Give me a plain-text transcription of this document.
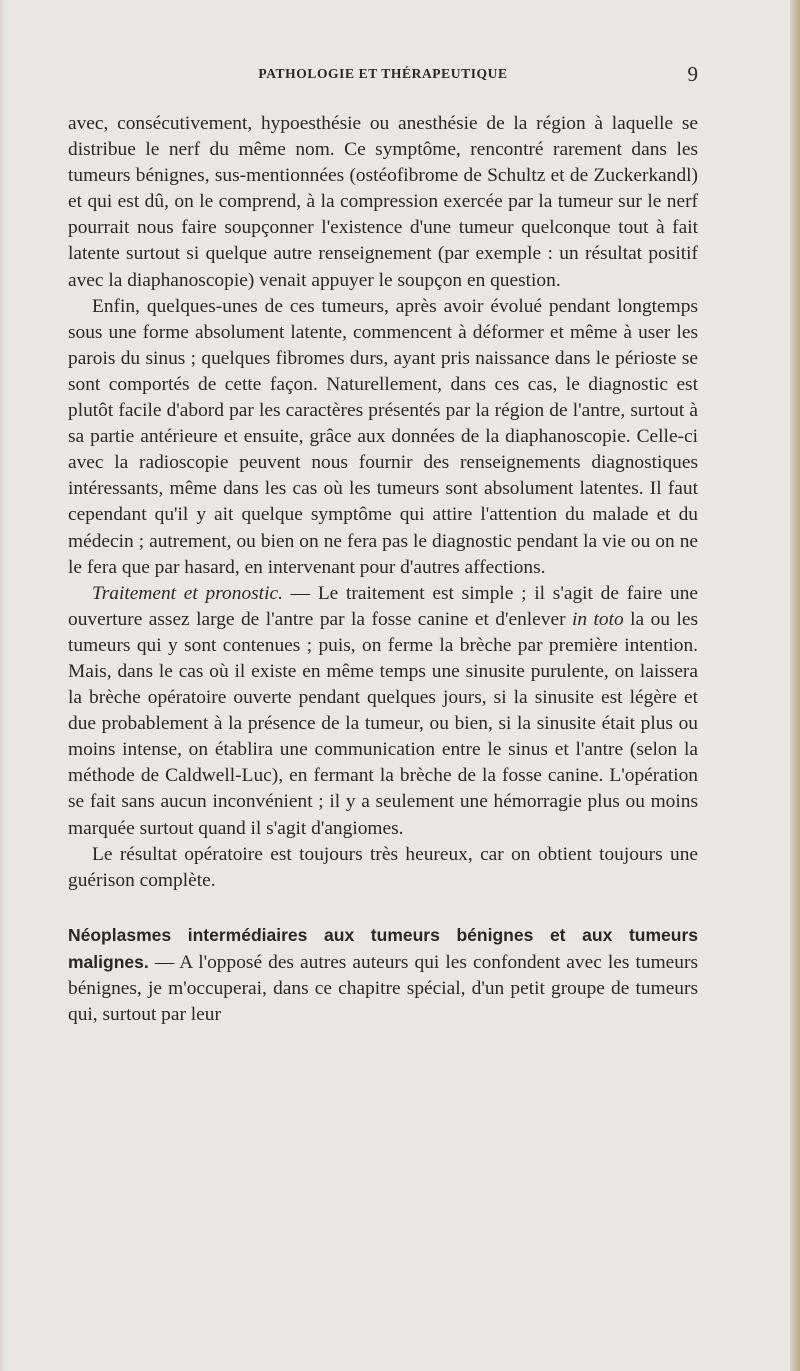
PATHOLOGIE ET THÉRAPEUTIQUE	9

avec, consécutivement, hypoesthésie ou anesthésie de la région à laquelle se distribue le nerf du même nom. Ce symptôme, rencontré rarement dans les tumeurs bénignes, sus-mentionnées (ostéofibrome de Schultz et de Zuckerkandl) et qui est dû, on le comprend, à la compression exercée par la tumeur sur le nerf pourrait nous faire soupçonner l'existence d'une tumeur quelconque tout à fait latente surtout si quelque autre renseignement (par exemple : un résultat positif avec la diaphanoscopie) venait appuyer le soupçon en question.

Enfin, quelques-unes de ces tumeurs, après avoir évolué pendant longtemps sous une forme absolument latente, commencent à déformer et même à user les parois du sinus ; quelques fibromes durs, ayant pris naissance dans le périoste se sont comportés de cette façon. Naturellement, dans ces cas, le diagnostic est plutôt facile d'abord par les caractères présentés par la région de l'antre, surtout à sa partie antérieure et ensuite, grâce aux données de la diaphanoscopie. Celle-ci avec la radioscopie peuvent nous fournir des renseignements diagnostiques intéressants, même dans les cas où les tumeurs sont absolument latentes. Il faut cependant qu'il y ait quelque symptôme qui attire l'attention du malade et du médecin ; autrement, ou bien on ne fera pas le diagnostic pendant la vie ou on ne le fera que par hasard, en intervenant pour d'autres affections.

Traitement et pronostic. — Le traitement est simple ; il s'agit de faire une ouverture assez large de l'antre par la fosse canine et d'enlever in toto la ou les tumeurs qui y sont contenues ; puis, on ferme la brèche par première intention. Mais, dans le cas où il existe en même temps une sinusite purulente, on laissera la brèche opératoire ouverte pendant quelques jours, si la sinusite est légère et due probablement à la présence de la tumeur, ou bien, si la sinusite était plus ou moins intense, on établira une communication entre le sinus et l'antre (selon la méthode de Caldwell-Luc), en fermant la brèche de la fosse canine. L'opération se fait sans aucun inconvénient ; il y a seulement une hémorragie plus ou moins marquée surtout quand il s'agit d'angiomes.

Le résultat opératoire est toujours très heureux, car on obtient toujours une guérison complète.

Néoplasmes intermédiaires aux tumeurs bénignes et aux tumeurs malignes. — A l'opposé des autres auteurs qui les confondent avec les tumeurs bénignes, je m'occuperai, dans ce chapitre spécial, d'un petit groupe de tumeurs qui, surtout par leur
